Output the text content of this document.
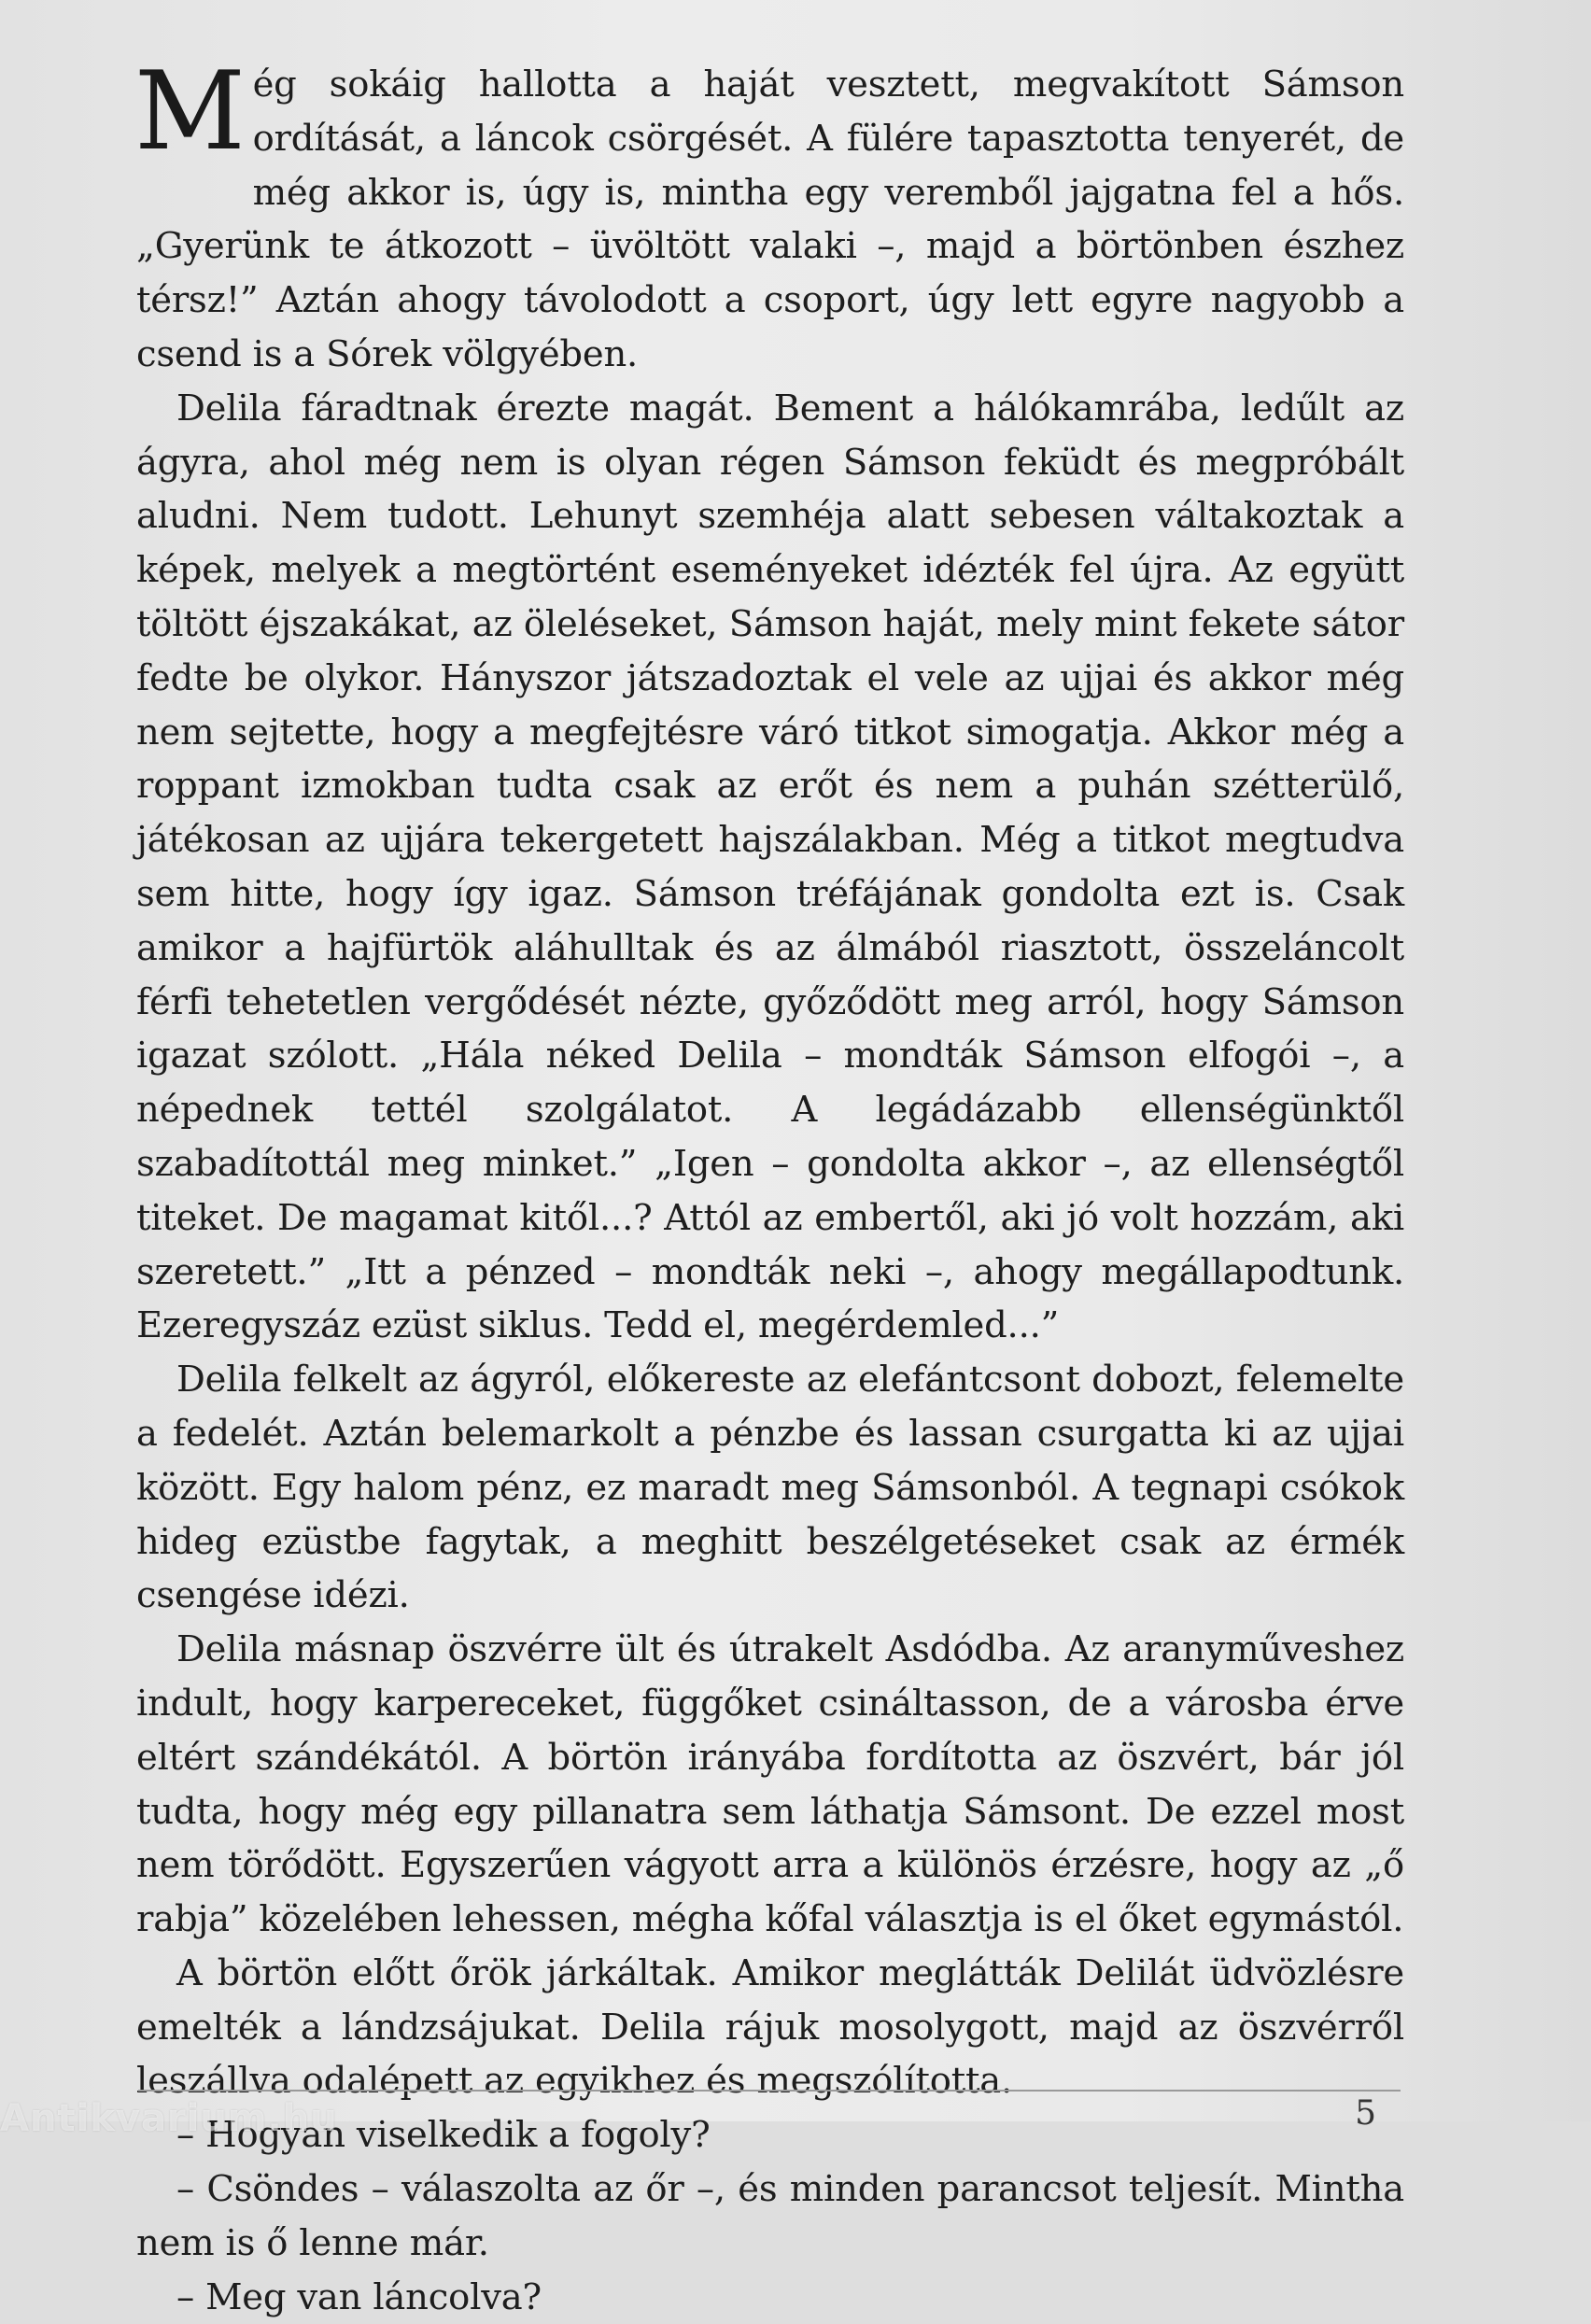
Még sokáig hallotta a haját vesztett, megvakított Sámson ordítását, a láncok csörgését. A fülére tapasztotta tenyerét, de még akkor is, úgy is, mintha egy veremből jajgatna fel a hős. „Gyerünk te átkozott – üvöltött valaki –, majd a börtönben észhez térsz!” Aztán ahogy távolodott a csoport, úgy lett egyre nagyobb a csend is a Sórek völgyében.

Delila fáradtnak érezte magát. Bement a hálókamrába, ledűlt az ágyra, ahol még nem is olyan régen Sámson feküdt és megpróbált aludni. Nem tudott. Lehunyt szemhéja alatt sebesen váltakoztak a képek, melyek a megtörtént eseményeket idézték fel újra. Az együtt töltött éjszakákat, az öleléseket, Sámson haját, mely mint fekete sátor fedte be olykor. Hányszor játszadoztak el vele az ujjai és akkor még nem sejtette, hogy a megfejtésre váró titkot simogatja. Akkor még a roppant izmokban tudta csak az erőt és nem a puhán szétterülő, játékosan az ujjára tekergetett hajszálakban. Még a titkot megtudva sem hitte, hogy így igaz. Sámson tréfájának gondolta ezt is. Csak amikor a hajfürtök aláhulltak és az álmából riasztott, összeláncolt férfi tehetetlen vergődését nézte, győződött meg arról, hogy Sámson igazat szólott. „Hála néked Delila – mondták Sámson elfogói –, a népednek tettél szolgálatot. A legádázabb ellenségünktől szabadítottál meg minket.” „Igen – gondolta akkor –, az ellenségtől titeket. De magamat kitől...? Attól az embertől, aki jó volt hozzám, aki szeretett.” „Itt a pénzed – mondták neki –, ahogy megállapodtunk. Ezeregyszáz ezüst siklus. Tedd el, megérdemled...”

Delila felkelt az ágyról, előkereste az elefántcsont dobozt, felemelte a fedelét. Aztán belemarkolt a pénzbe és lassan csurgatta ki az ujjai között. Egy halom pénz, ez maradt meg Sámsonból. A tegnapi csókok hideg ezüstbe fagytak, a meghitt beszélgetéseket csak az érmék csengése idézi.

Delila másnap öszvérre ült és útrakelt Asdódba. Az aranyműveshez indult, hogy karpereceket, függőket csináltasson, de a városba érve eltért szándékától. A börtön irányába fordította az öszvért, bár jól tudta, hogy még egy pillanatra sem láthatja Sámsont. De ezzel most nem törődött. Egyszerűen vágyott arra a különös érzésre, hogy az „ő rabja” közelében lehessen, mégha kőfal választja is el őket egymástól.

A börtön előtt őrök járkáltak. Amikor meglátták Delilát üdvözlésre emelték a lándzsájukat. Delila rájuk mosolygott, majd az öszvérről leszállva odalépett az egyikhez és megszólította.

– Hogyan viselkedik a fogoly?

– Csöndes – válaszolta az őr –, és minden parancsot teljesít. Mintha nem is ő lenne már.

– Meg van láncolva?

5
Antikvarium.hu
